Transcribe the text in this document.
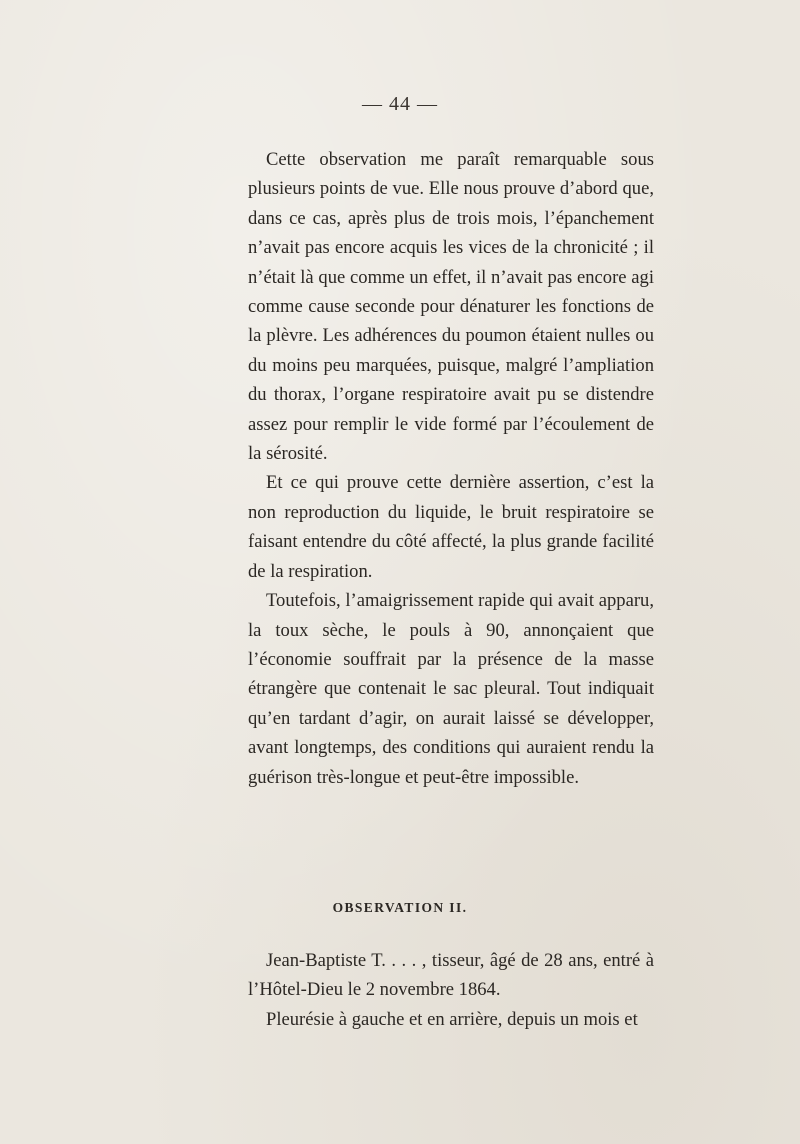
— 44 —

Cette observation me paraît remarquable sous plusieurs points de vue. Elle nous prouve d’abord que, dans ce cas, après plus de trois mois, l’épanchement n’avait pas encore acquis les vices de la chronicité ; il n’était là que comme un effet, il n’avait pas encore agi comme cause seconde pour dénaturer les fonctions de la plèvre. Les adhérences du poumon étaient nulles ou du moins peu marquées, puisque, malgré l’ampliation du thorax, l’organe respiratoire avait pu se distendre assez pour remplir le vide formé par l’écoulement de la sérosité.

Et ce qui prouve cette dernière assertion, c’est la non reproduction du liquide, le bruit respiratoire se faisant entendre du côté affecté, la plus grande facilité de la respiration.

Toutefois, l’amaigrissement rapide qui avait apparu, la toux sèche, le pouls à 90, annonçaient que l’économie souffrait par la présence de la masse étrangère que contenait le sac pleural. Tout indiquait qu’en tardant d’agir, on aurait laissé se développer, avant longtemps, des conditions qui auraient rendu la guérison très-longue et peut-être impossible.

OBSERVATION II.

Jean-Baptiste T. . . . , tisseur, âgé de 28 ans, entré à l’Hôtel-Dieu le 2 novembre 1864.

Pleurésie à gauche et en arrière, depuis un mois et
